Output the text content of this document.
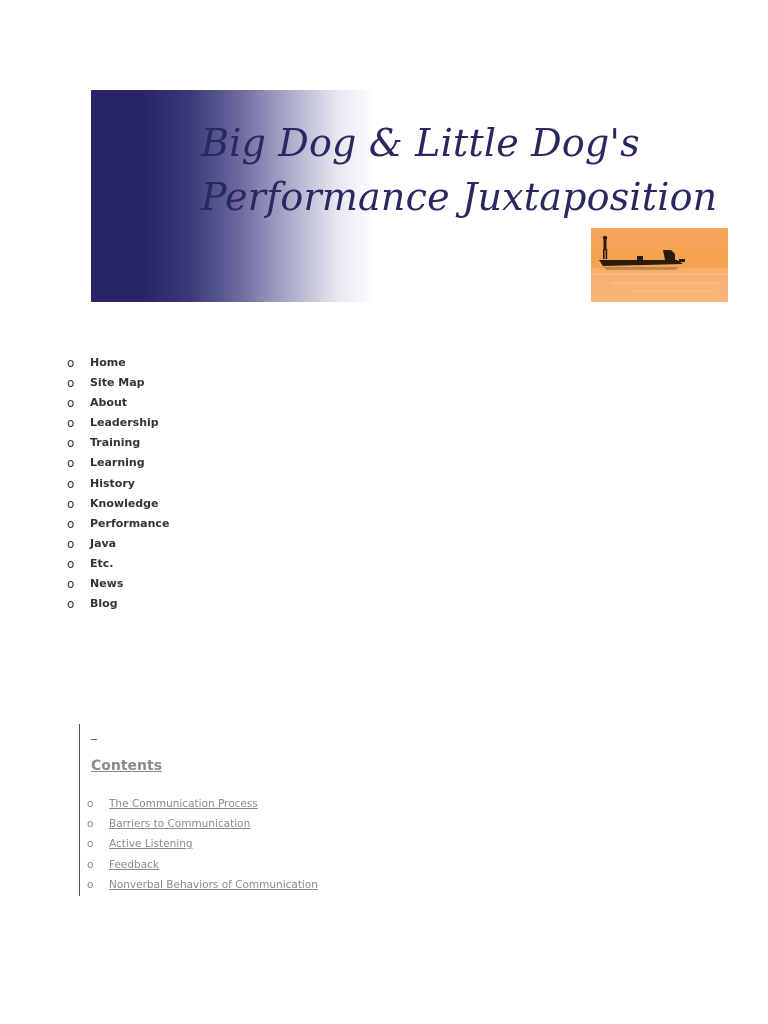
Big Dog & Little Dog's
Performance Juxtaposition
o Home
o Site Map
o About
o Leadership
o Training
o Learning
o History
o Knowledge
o Performance
o Java
o Etc.
o News
o Blog
_
Contents
o The Communication Process
o Barriers to Communication
o Active Listening
o Feedback
o Nonverbal Behaviors of Communication
